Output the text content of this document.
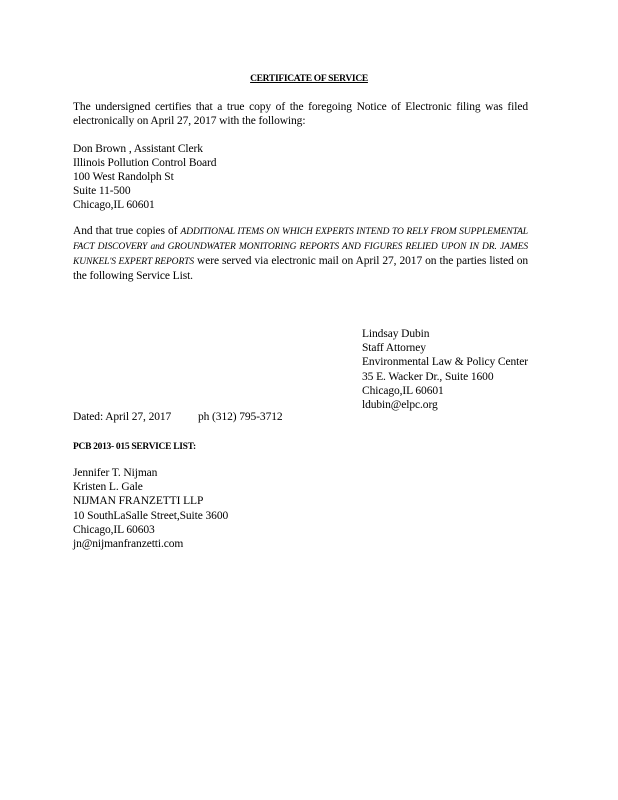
CERTIFICATE OF SERVICE
The undersigned certifies that a true copy of the foregoing Notice of Electronic filing was filed electronically on April 27, 2017 with the following:
Don Brown , Assistant Clerk
Illinois Pollution Control Board
100 West Randolph St
Suite 11-500
Chicago,IL 60601
And that true copies of ADDITIONAL ITEMS ON WHICH EXPERTS INTEND TO RELY FROM SUPPLEMENTAL FACT DISCOVERY and GROUNDWATER MONITORING REPORTS AND FIGURES RELIED UPON IN DR. JAMES KUNKEL'S EXPERT REPORTS were served via electronic mail on April 27, 2017 on the parties listed on the following Service List.
Lindsay Dubin
Staff Attorney
Environmental Law & Policy Center
35 E. Wacker Dr., Suite 1600
Chicago,IL 60601
ldubin@elpc.org
Dated: April 27, 2017 ph (312) 795-3712
PCB 2013- 015 SERVICE LIST:
Jennifer T. Nijman
Kristen L. Gale
NIJMAN FRANZETTI LLP
10 SouthLaSalle Street,Suite 3600
Chicago,IL 60603
jn@nijmanfranzetti.com
